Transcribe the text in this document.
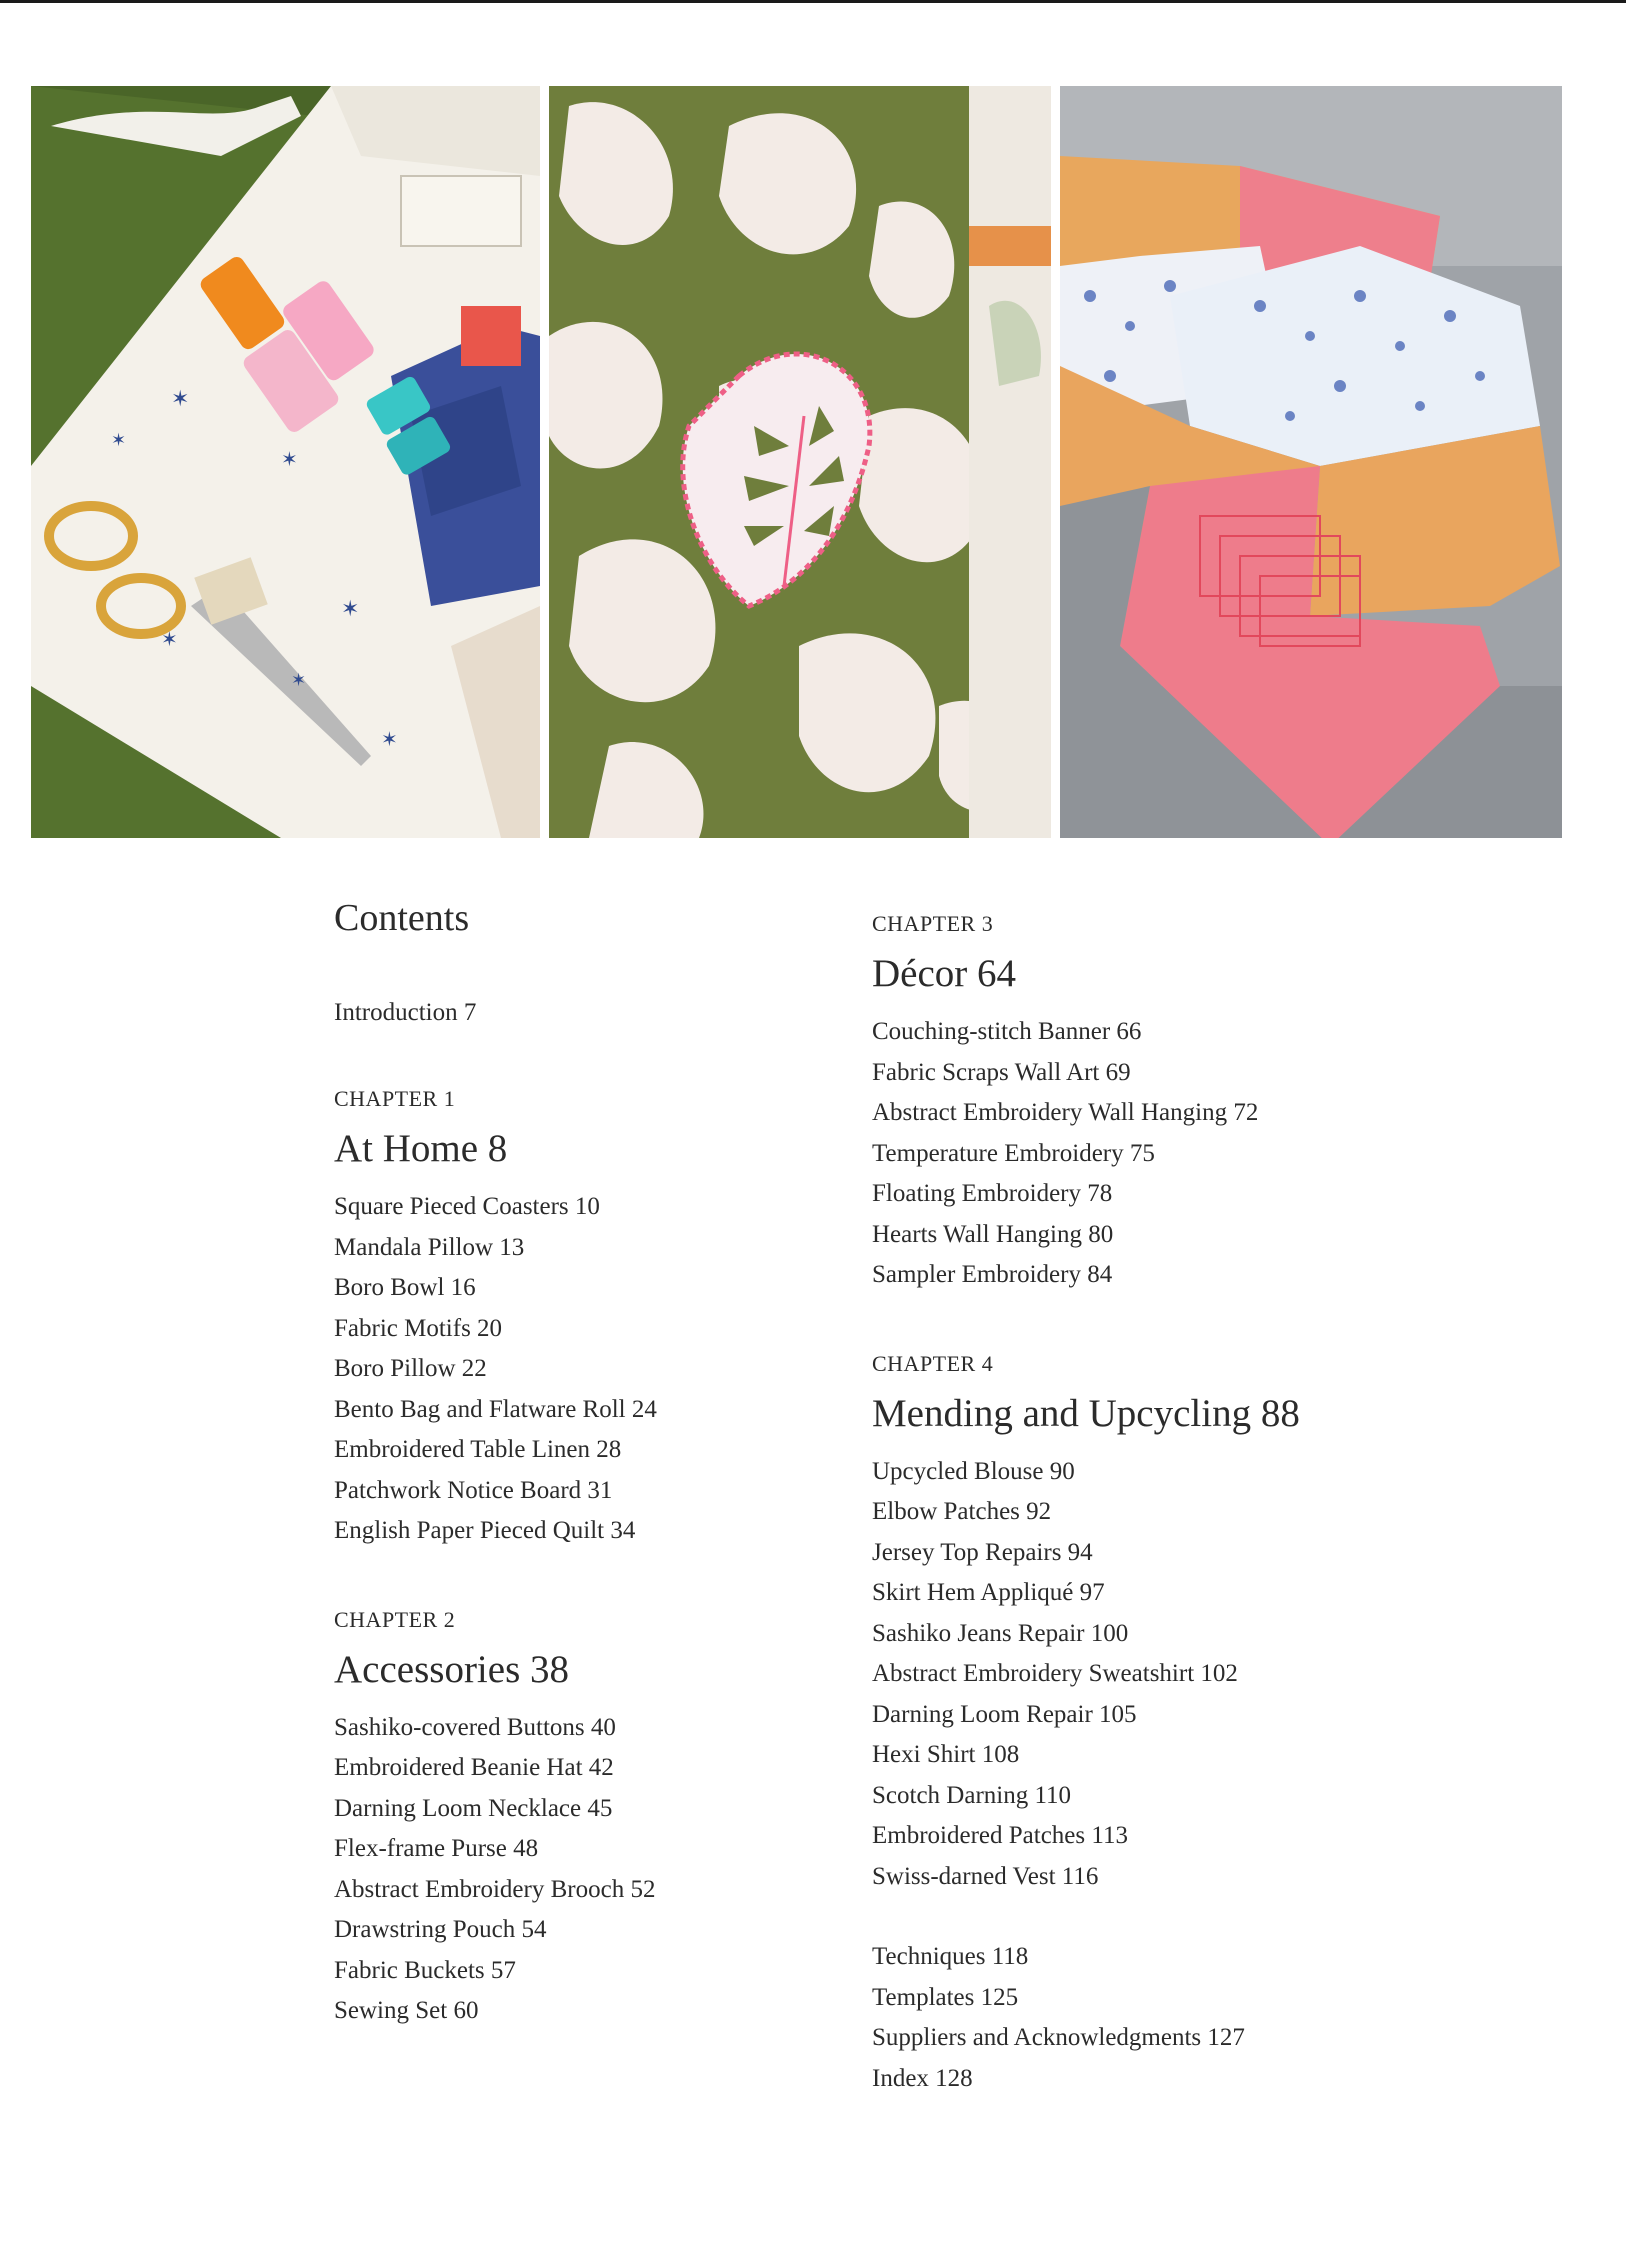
✶
✶
✶
✶
✶
✶
✶
Contents
Introduction 7
CHAPTER 1
At Home 8
Square Pieced Coasters 10
Mandala Pillow 13
Boro Bowl 16
Fabric Motifs 20
Boro Pillow 22
Bento Bag and Flatware Roll 24
Embroidered Table Linen 28
Patchwork Notice Board 31
English Paper Pieced Quilt 34
CHAPTER 2
Accessories 38
Sashiko-covered Buttons 40
Embroidered Beanie Hat 42
Darning Loom Necklace 45
Flex-frame Purse 48
Abstract Embroidery Brooch 52
Drawstring Pouch 54
Fabric Buckets 57
Sewing Set 60
CHAPTER 3
Décor 64
Couching-stitch Banner 66
Fabric Scraps Wall Art 69
Abstract Embroidery Wall Hanging 72
Temperature Embroidery 75
Floating Embroidery 78
Hearts Wall Hanging 80
Sampler Embroidery 84
CHAPTER 4
Mending and Upcycling 88
Upcycled Blouse 90
Elbow Patches 92
Jersey Top Repairs 94
Skirt Hem Appliqué 97
Sashiko Jeans Repair 100
Abstract Embroidery Sweatshirt 102
Darning Loom Repair 105
Hexi Shirt 108
Scotch Darning 110
Embroidered Patches 113
Swiss-darned Vest 116
Techniques 118
Templates 125
Suppliers and Acknowledgments 127
Index 128
